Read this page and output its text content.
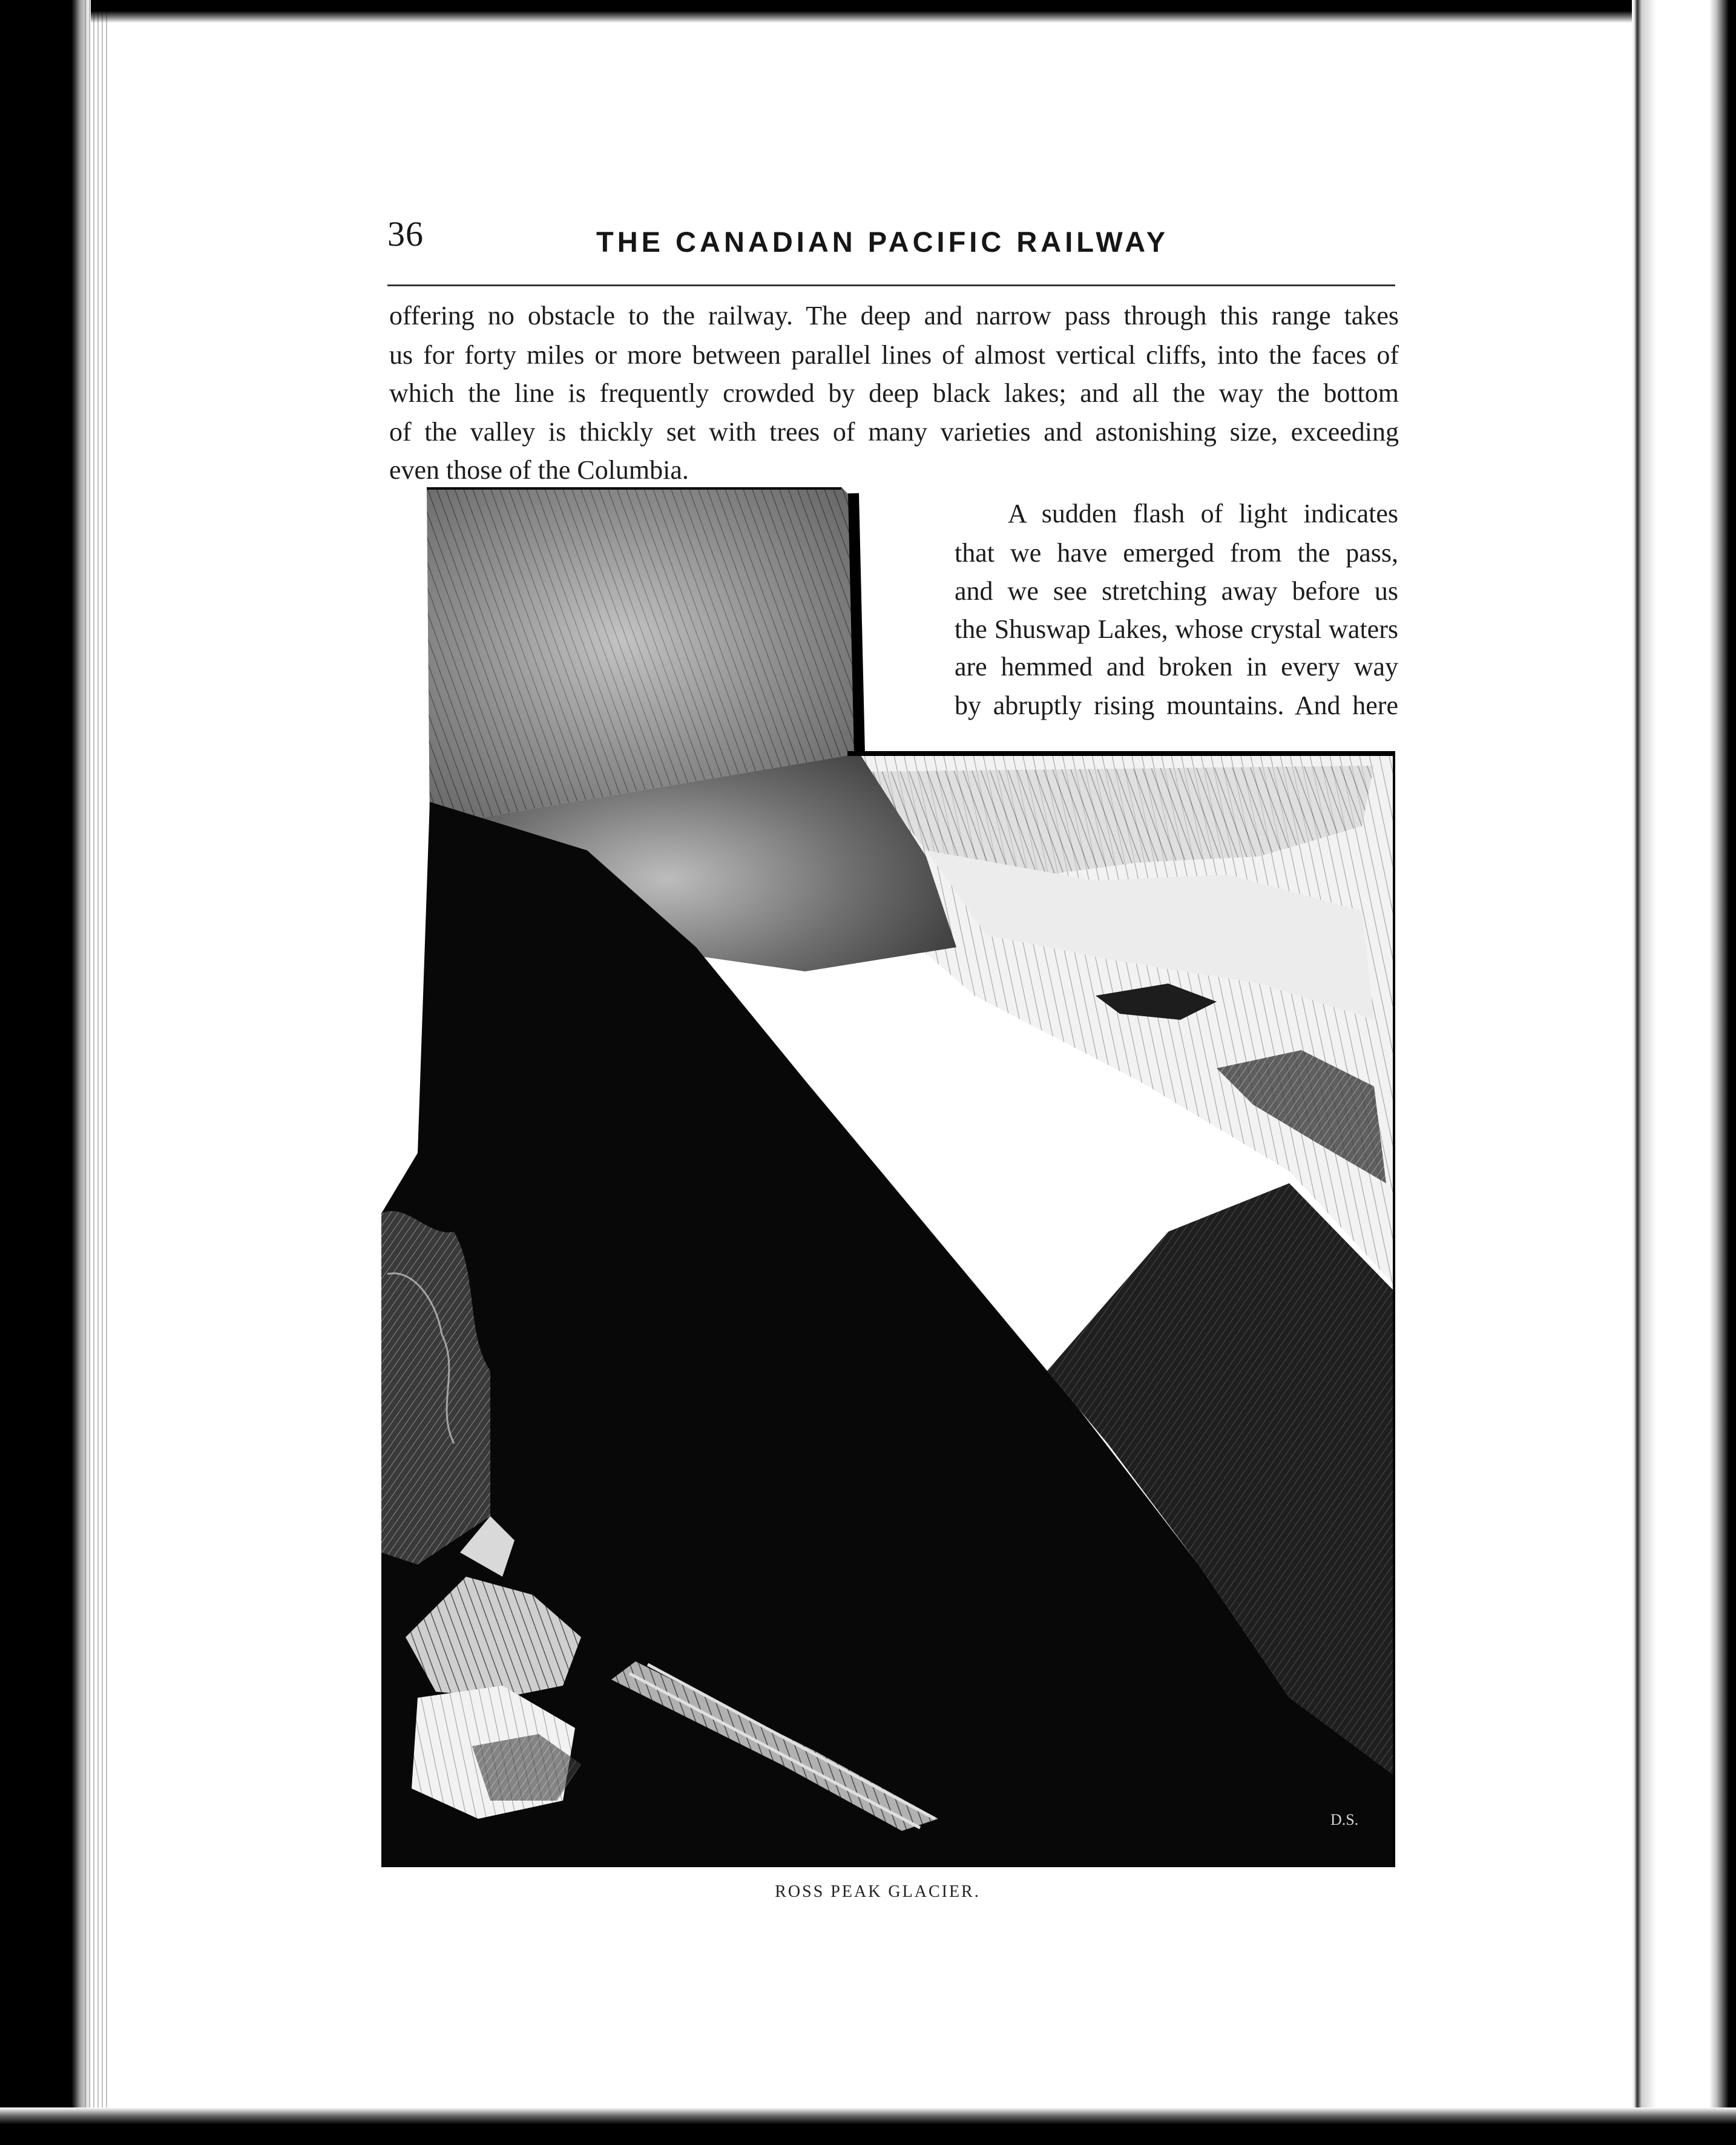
36	THE CANADIAN PACIFIC RAILWAY
offering no obstacle to the railway. The deep and narrow pass through this range takes
us for forty miles or more between parallel lines of almost vertical cliffs, into the faces of
which the line is frequently crowded by deep black lakes; and all the way the bottom
of the valley is thickly set with trees of many varieties and astonishing size, exceeding
even those of the Columbia.
A sudden flash of light indicates
that we have emerged from the pass,
and we see stretching away before us
the Shuswap Lakes, whose crystal waters
are hemmed and broken in every way
by abruptly rising mountains. And here
D.S.
ROSS PEAK GLACIER.
